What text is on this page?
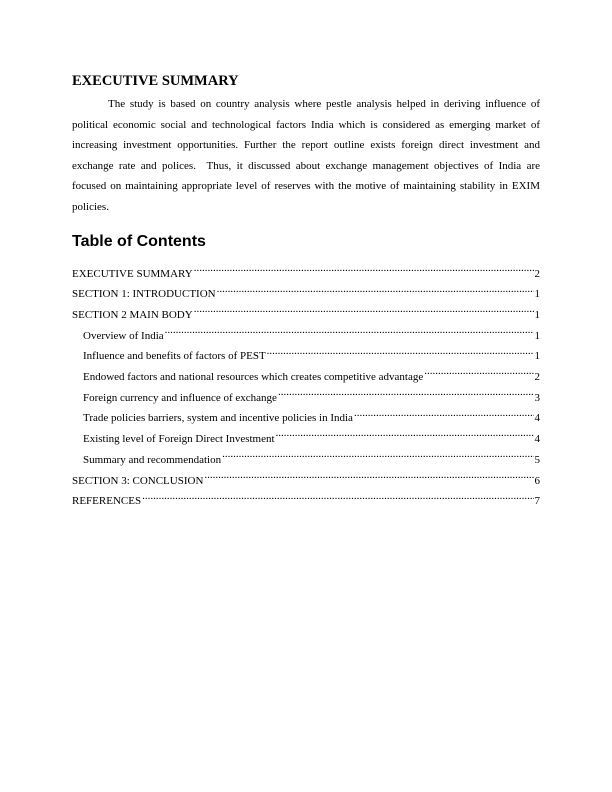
EXECUTIVE SUMMARY

The study is based on country analysis where pestle analysis helped in deriving influence of political economic social and technological factors India which is considered as emerging market of increasing investment opportunities. Further the report outline exists foreign direct investment and exchange rate and polices.  Thus, it discussed about exchange management objectives of India are focused on maintaining appropriate level of reserves with the motive of maintaining stability in EXIM policies.

Table of Contents
EXECUTIVE SUMMARY .....	2
SECTION 1: INTRODUCTION .....	1
SECTION 2 MAIN BODY .....	1
Overview of India .....	1
Influence and benefits of factors of PEST .....	1
Endowed factors and national resources which creates competitive advantage .....	2
Foreign currency and influence of exchange .....	3
Trade policies barriers, system and incentive policies in India .....	4
Existing level of Foreign Direct Investment .....	4
Summary and recommendation .....	5
SECTION 3: CONCLUSION .....	6
REFERENCES .....	7
